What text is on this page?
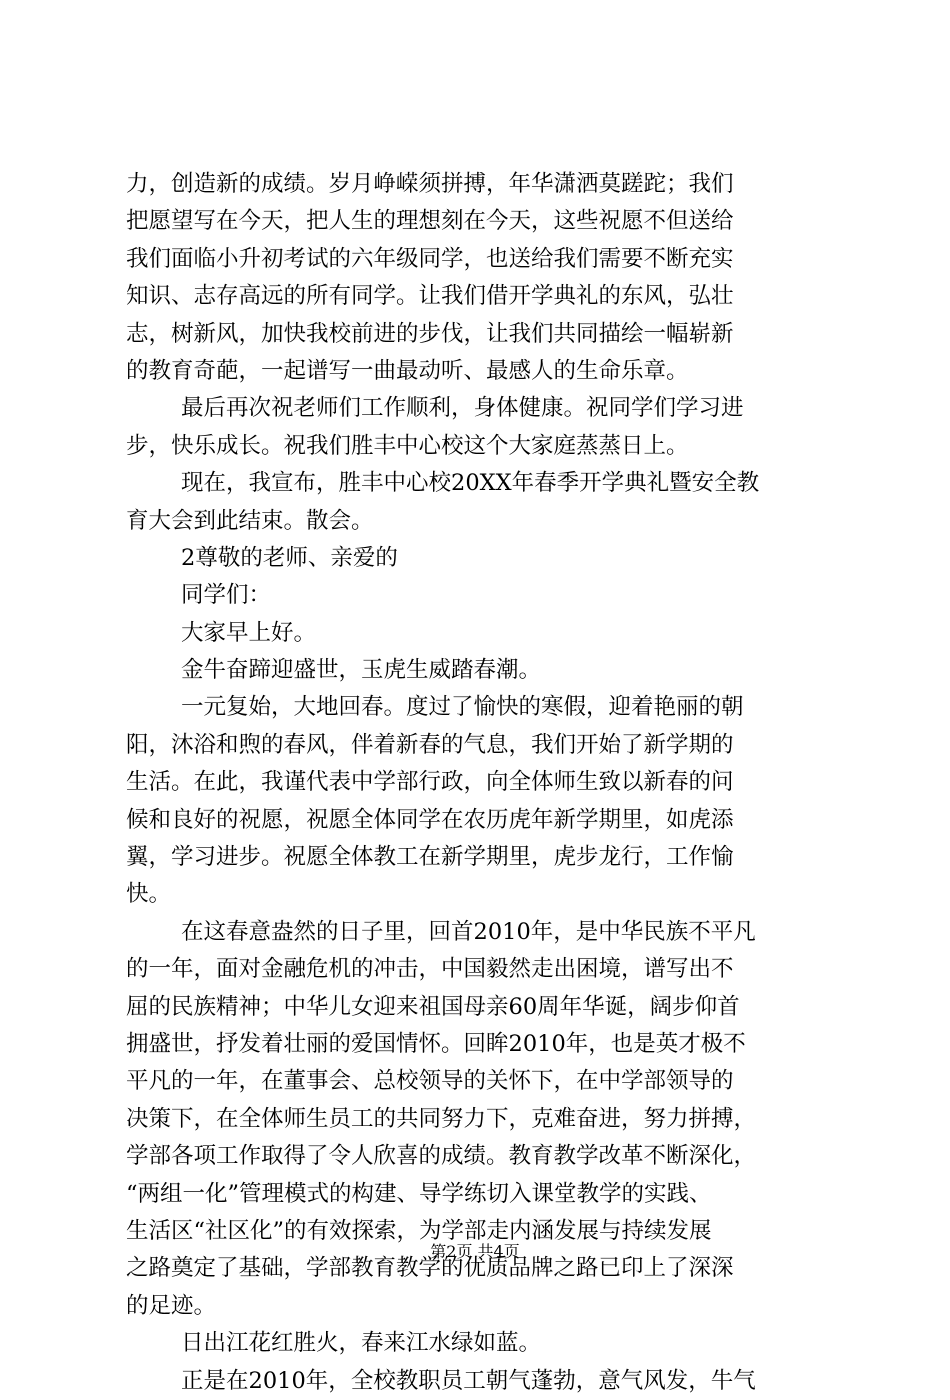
力，创造新的成绩。岁月峥嵘须拼搏，年华潇洒莫蹉跎；我们
把愿望写在今天，把人生的理想刻在今天，这些祝愿不但送给
我们面临小升初考试的六年级同学，也送给我们需要不断充实
知识、志存高远的所有同学。让我们借开学典礼的东风，弘壮
志，树新风，加快我校前进的步伐，让我们共同描绘一幅崭新
的教育奇葩，一起谱写一曲最动听、最感人的生命乐章。
最后再次祝老师们工作顺利，身体健康。祝同学们学习进
步，快乐成长。祝我们胜丰中心校这个大家庭蒸蒸日上。
现在，我宣布，胜丰中心校20XX年春季开学典礼暨安全教
育大会到此结束。散会。
2尊敬的老师、亲爱的
同学们：
大家早上好。
金牛奋蹄迎盛世，玉虎生威踏春潮。
一元复始，大地回春。度过了愉快的寒假，迎着艳丽的朝
阳，沐浴和煦的春风，伴着新春的气息，我们开始了新学期的
生活。在此，我谨代表中学部行政，向全体师生致以新春的问
候和良好的祝愿，祝愿全体同学在农历虎年新学期里，如虎添
翼，学习进步。祝愿全体教工在新学期里，虎步龙行，工作愉
快。
在这春意盎然的日子里，回首2010年，是中华民族不平凡
的一年，面对金融危机的冲击，中国毅然走出困境，谱写出不
屈的民族精神；中华儿女迎来祖国母亲60周年华诞，阔步仰首
拥盛世，抒发着壮丽的爱国情怀。回眸2010年，也是英才极不
平凡的一年，在董事会、总校领导的关怀下，在中学部领导的
决策下，在全体师生员工的共同努力下，克难奋进，努力拼搏，
学部各项工作取得了令人欣喜的成绩。教育教学改革不断深化，
“两组一化”管理模式的构建、导学练切入课堂教学的实践、
生活区“社区化”的有效探索，为学部走内涵发展与持续发展
之路奠定了基础，学部教育教学的优质品牌之路已印上了深深
的足迹。
日出江花红胜火，春来江水绿如蓝。
正是在2010年，全校教职员工朝气蓬勃，意气风发，牛气
第2页 共4页
